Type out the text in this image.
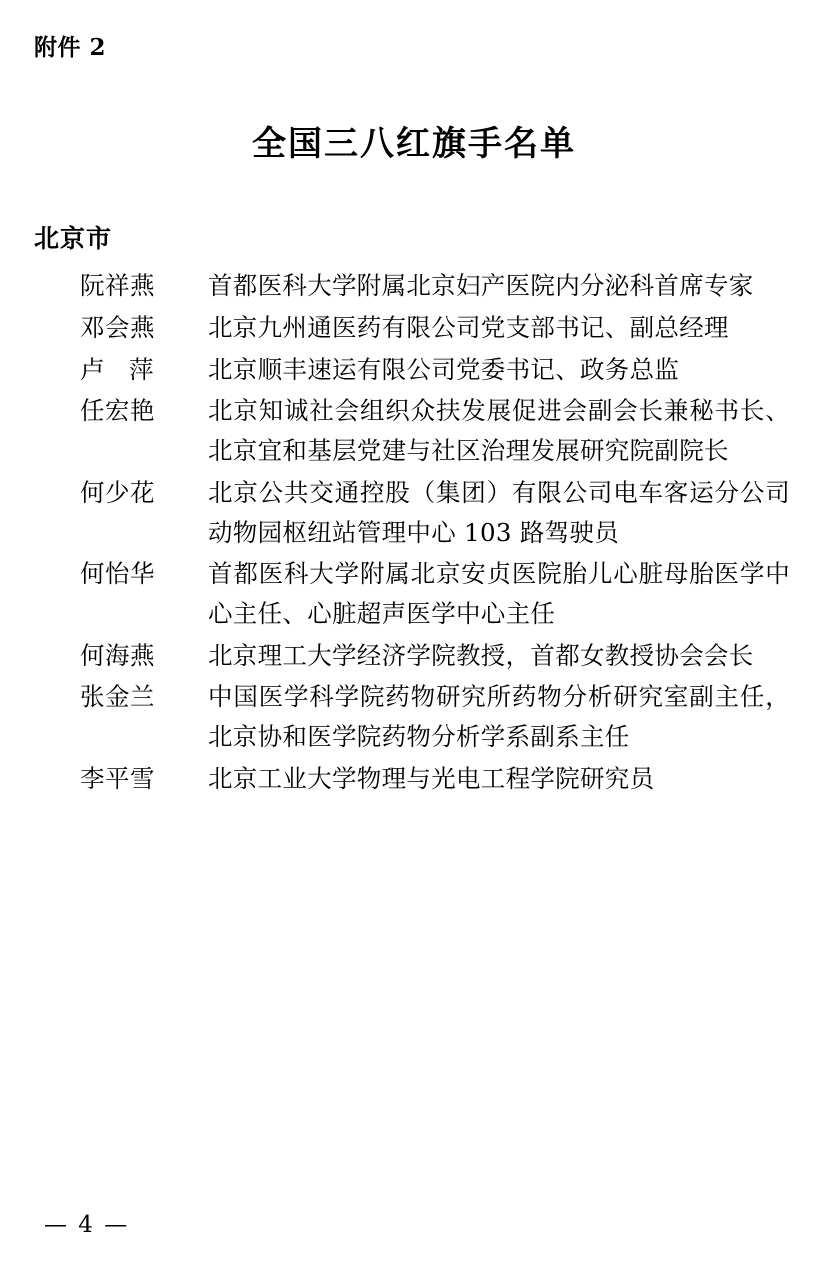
附件 2
全国三八红旗手名单
北京市
阮祥燕	首都医科大学附属北京妇产医院内分泌科首席专家
邓会燕	北京九州通医药有限公司党支部书记、副总经理
卢　萍	北京顺丰速运有限公司党委书记、政务总监
任宏艳	北京知诚社会组织众扶发展促进会副会长兼秘书长、北京宜和基层党建与社区治理发展研究院副院长
何少花	北京公共交通控股（集团）有限公司电车客运分公司动物园枢纽站管理中心 103 路驾驶员
何怡华	首都医科大学附属北京安贞医院胎儿心脏母胎医学中心主任、心脏超声医学中心主任
何海燕	北京理工大学经济学院教授，首都女教授协会会长
张金兰	中国医学科学院药物研究所药物分析研究室副主任，北京协和医学院药物分析学系副系主任
李平雪	北京工业大学物理与光电工程学院研究员
— 4 —
